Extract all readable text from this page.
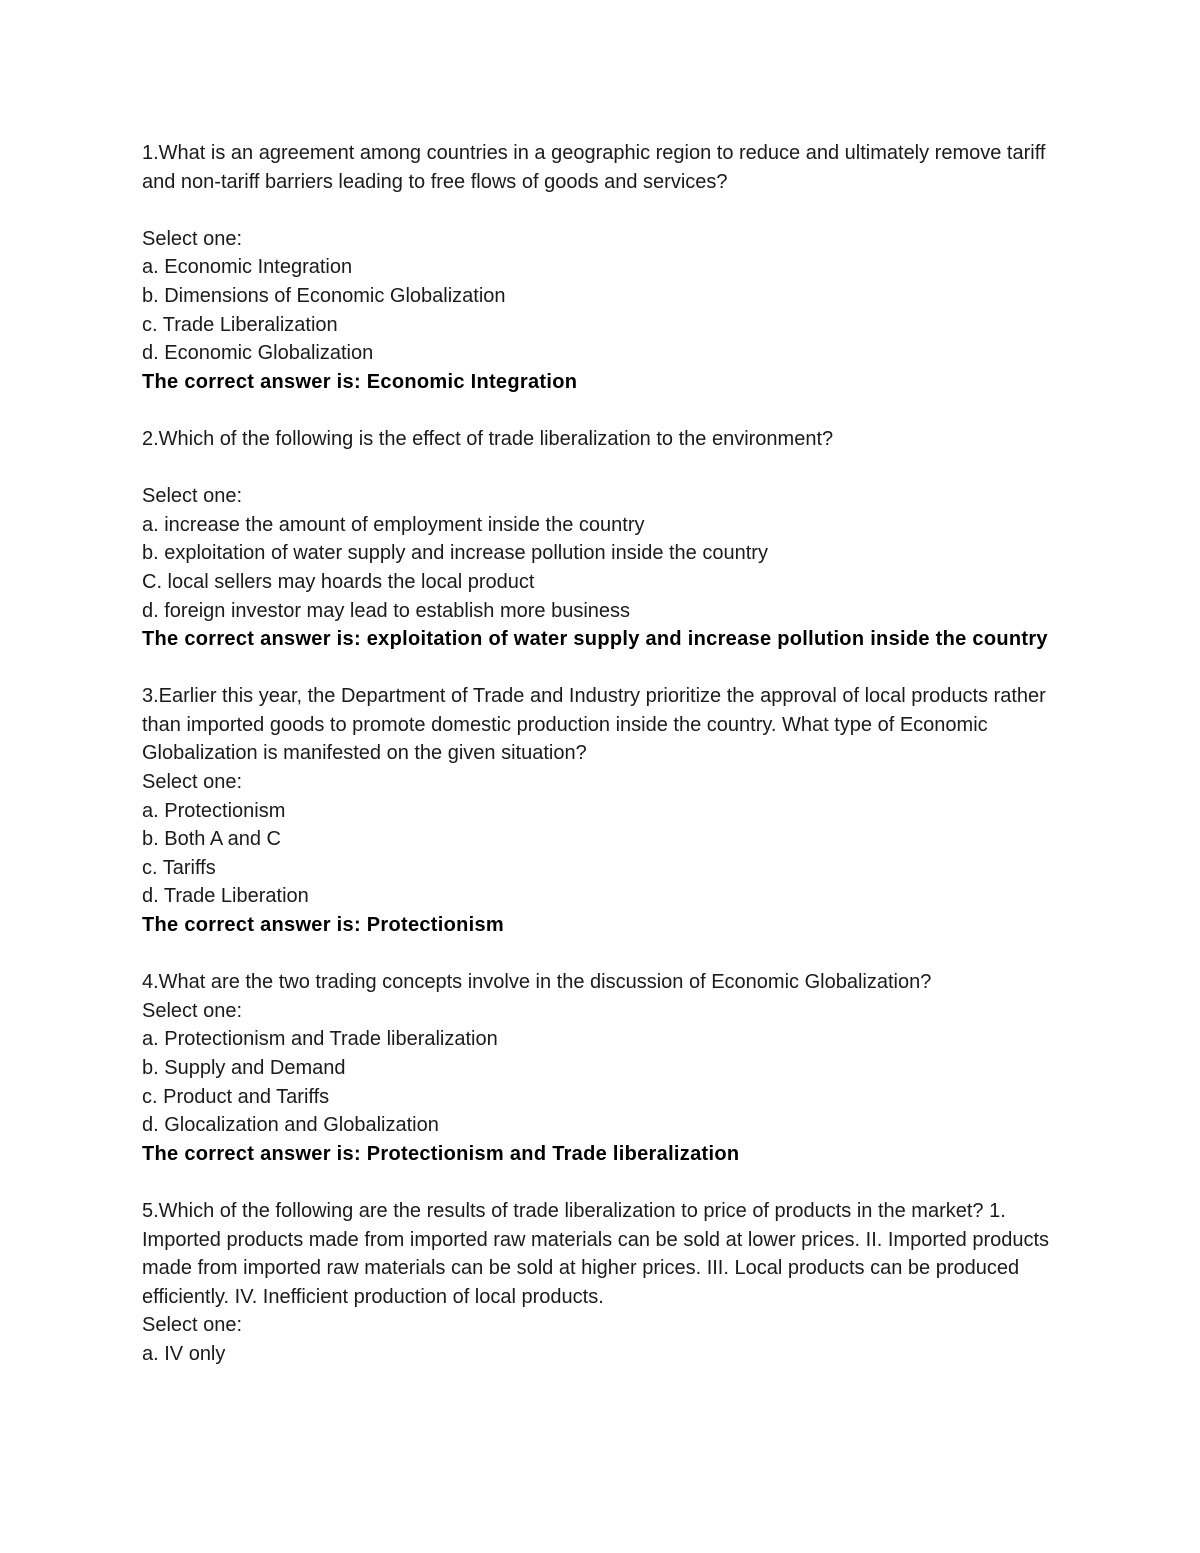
1.What is an agreement among countries in a geographic region to reduce and ultimately remove tariff and non-tariff barriers leading to free flows of goods and services?
Select one:
a. Economic Integration
b. Dimensions of Economic Globalization
c. Trade Liberalization
d. Economic Globalization
The correct answer is: Economic Integration
2.Which of the following is the effect of trade liberalization to the environment?
Select one:
a. increase the amount of employment inside the country
b. exploitation of water supply and increase pollution inside the country
C. local sellers may hoards the local product
d. foreign investor may lead to establish more business
The correct answer is: exploitation of water supply and increase pollution inside the country
3.Earlier this year, the Department of Trade and Industry prioritize the approval of local products rather than imported goods to promote domestic production inside the country. What type of Economic Globalization is manifested on the given situation?
Select one:
a. Protectionism
b. Both A and C
c. Tariffs
d. Trade Liberation
The correct answer is: Protectionism
4.What are the two trading concepts involve in the discussion of Economic Globalization?
Select one:
a. Protectionism and Trade liberalization
b. Supply and Demand
c. Product and Tariffs
d. Glocalization and Globalization
The correct answer is: Protectionism and Trade liberalization
5.Which of the following are the results of trade liberalization to price of products in the market? 1. Imported products made from imported raw materials can be sold at lower prices. II. Imported products made from imported raw materials can be sold at higher prices. III. Local products can be produced efficiently. IV. Inefficient production of local products.
Select one:
a. IV only
